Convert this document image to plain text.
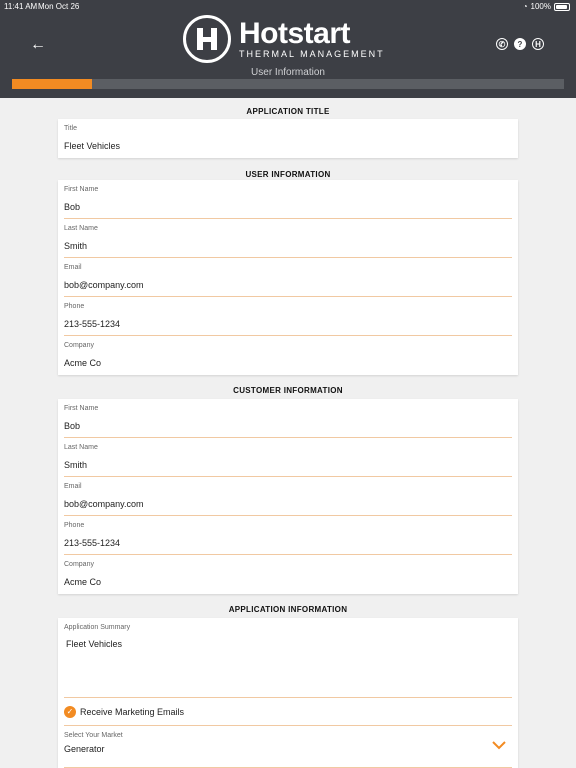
11:41 AM Mon Oct 26	◔ 100%
←	Hotstart
THERMAL MANAGEMENT
✆	?	H
User Information
APPLICATION TITLE
Title
Fleet Vehicles
USER INFORMATION
First Name
Bob
Last Name
Smith
Email
bob@company.com
Phone
213-555-1234
Company
Acme Co
CUSTOMER INFORMATION
First Name
Bob
Last Name
Smith
Email
bob@company.com
Phone
213-555-1234
Company
Acme Co
APPLICATION INFORMATION
Application Summary
Fleet Vehicles
✓ Receive Marketing Emails
Select Your Market
Generator
